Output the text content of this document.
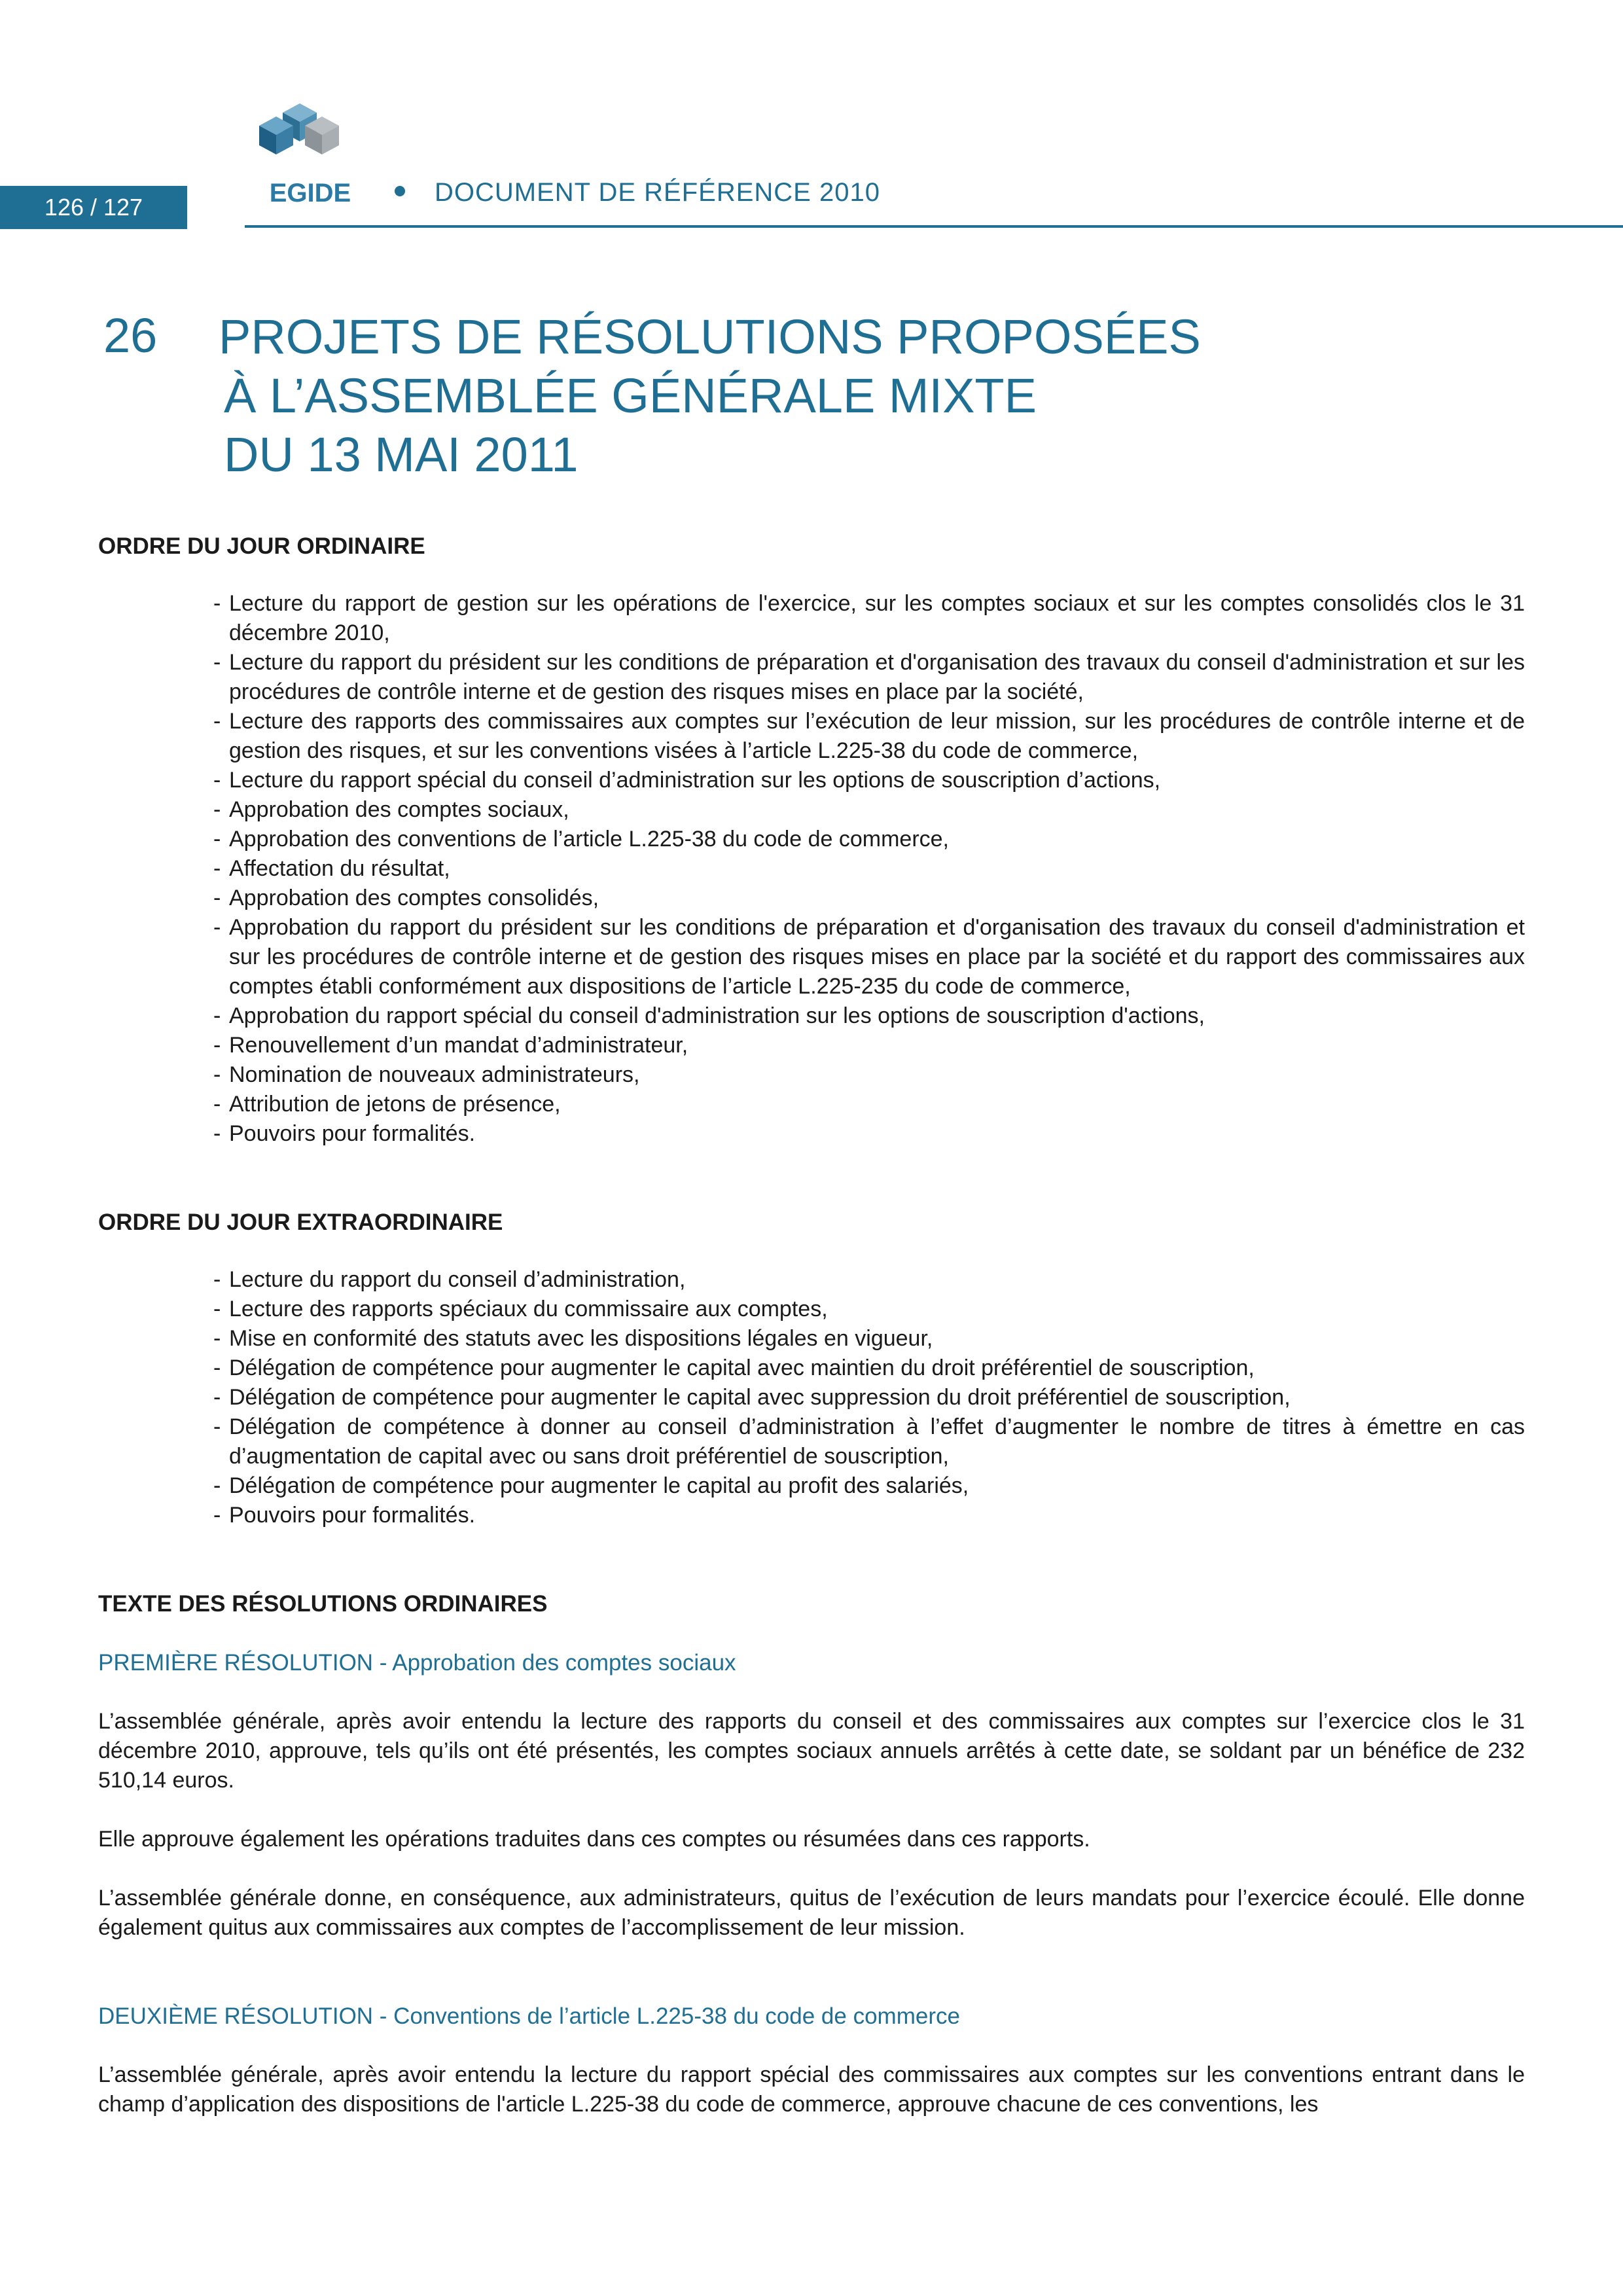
126 / 127	EGIDE	DOCUMENT DE RÉFÉRENCE 2010
26 PROJETS DE RÉSOLUTIONS PROPOSÉES
À L’ASSEMBLÉE GÉNÉRALE MIXTE
DU 13 MAI 2011

ORDRE DU JOUR ORDINAIRE

- Lecture du rapport de gestion sur les opérations de l'exercice, sur les comptes sociaux et sur les comptes consolidés clos le 31 décembre 2010,
- Lecture du rapport du président sur les conditions de préparation et d'organisation des travaux du conseil d'administration et sur les procédures de contrôle interne et de gestion des risques mises en place par la société,
- Lecture des rapports des commissaires aux comptes sur l’exécution de leur mission, sur les procédures de contrôle interne et de gestion des risques, et sur les conventions visées à l’article L.225-38 du code de commerce,
- Lecture du rapport spécial du conseil d’administration sur les options de souscription d’actions,
- Approbation des comptes sociaux,
- Approbation des conventions de l’article L.225-38 du code de commerce,
- Affectation du résultat,
- Approbation des comptes consolidés,
- Approbation du rapport du président sur les conditions de préparation et d'organisation des travaux du conseil d'administration et sur les procédures de contrôle interne et de gestion des risques mises en place par la société et du rapport des commissaires aux comptes établi conformément aux dispositions de l’article L.225-235 du code de commerce,
- Approbation du rapport spécial du conseil d'administration sur les options de souscription d'actions,
- Renouvellement d’un mandat d’administrateur,
- Nomination de nouveaux administrateurs,
- Attribution de jetons de présence,
- Pouvoirs pour formalités.

ORDRE DU JOUR EXTRAORDINAIRE

- Lecture du rapport du conseil d’administration,
- Lecture des rapports spéciaux du commissaire aux comptes,
- Mise en conformité des statuts avec les dispositions légales en vigueur,
- Délégation de compétence pour augmenter le capital avec maintien du droit préférentiel de souscription,
- Délégation de compétence pour augmenter le capital avec suppression du droit préférentiel de souscription,
- Délégation de compétence à donner au conseil d’administration à l’effet d’augmenter le nombre de titres à émettre en cas d’augmentation de capital avec ou sans droit préférentiel de souscription,
- Délégation de compétence pour augmenter le capital au profit des salariés,
- Pouvoirs pour formalités.

TEXTE DES RÉSOLUTIONS ORDINAIRES

PREMIÈRE RÉSOLUTION - Approbation des comptes sociaux

L’assemblée générale, après avoir entendu la lecture des rapports du conseil et des commissaires aux comptes sur l’exercice clos le 31 décembre 2010, approuve, tels qu’ils ont été présentés, les comptes sociaux annuels arrêtés à cette date, se soldant par un bénéfice de 232 510,14 euros.

Elle approuve également les opérations traduites dans ces comptes ou résumées dans ces rapports.

L’assemblée générale donne, en conséquence, aux administrateurs, quitus de l’exécution de leurs mandats pour l’exercice écoulé. Elle donne également quitus aux commissaires aux comptes de l’accomplissement de leur mission.

DEUXIÈME RÉSOLUTION - Conventions de l’article L.225-38 du code de commerce

L’assemblée générale, après avoir entendu la lecture du rapport spécial des commissaires aux comptes sur les conventions entrant dans le champ d’application des dispositions de l'article L.225-38 du code de commerce, approuve chacune de ces conventions, les
